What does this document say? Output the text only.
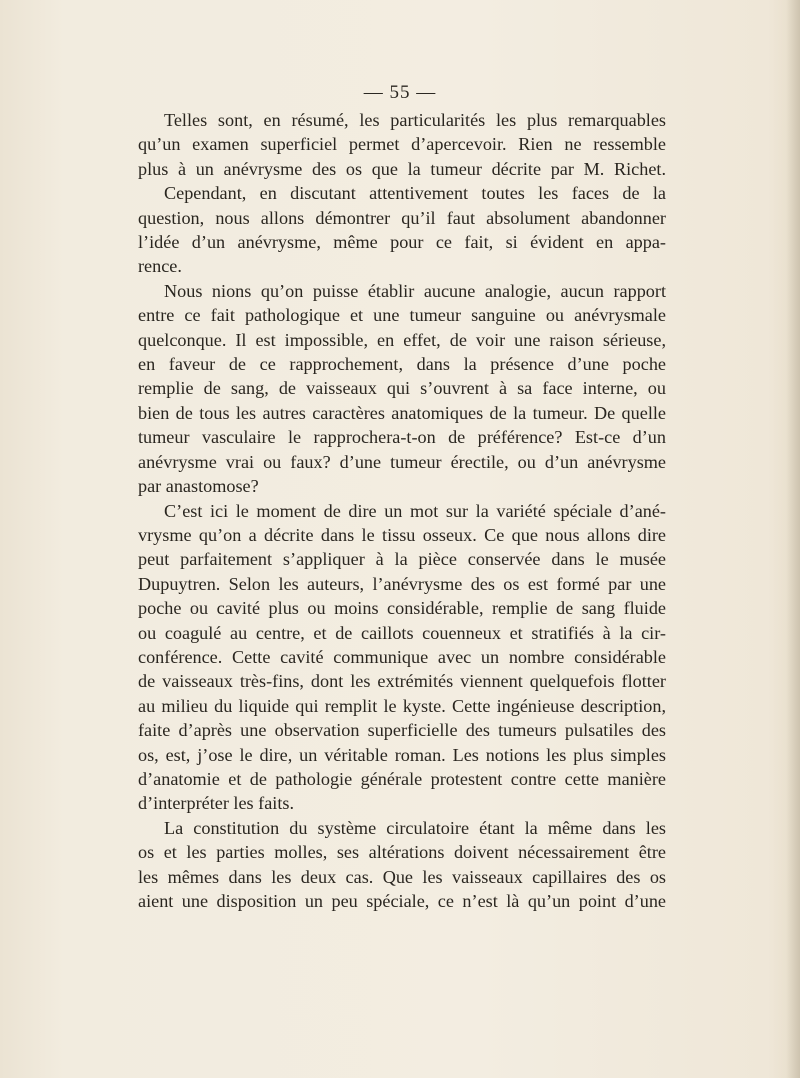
— 55 —
Telles sont, en résumé, les particularités les plus remarquables
qu’un examen superficiel permet d’apercevoir. Rien ne ressemble
plus à un anévrysme des os que la tumeur décrite par M. Richet.
Cependant, en discutant attentivement toutes les faces de la
question, nous allons démontrer qu’il faut absolument abandonner
l’idée d’un anévrysme, même pour ce fait, si évident en appa-
rence.
Nous nions qu’on puisse établir aucune analogie, aucun rapport
entre ce fait pathologique et une tumeur sanguine ou anévrysmale
quelconque. Il est impossible, en effet, de voir une raison sérieuse,
en faveur de ce rapprochement, dans la présence d’une poche
remplie de sang, de vaisseaux qui s’ouvrent à sa face interne, ou
bien de tous les autres caractères anatomiques de la tumeur. De quelle
tumeur vasculaire le rapprochera-t-on de préférence? Est-ce d’un
anévrysme vrai ou faux? d’une tumeur érectile, ou d’un anévrysme
par anastomose?
C’est ici le moment de dire un mot sur la variété spéciale d’ané-
vrysme qu’on a décrite dans le tissu osseux. Ce que nous allons dire
peut parfaitement s’appliquer à la pièce conservée dans le musée
Dupuytren. Selon les auteurs, l’anévrysme des os est formé par une
poche ou cavité plus ou moins considérable, remplie de sang fluide
ou coagulé au centre, et de caillots couenneux et stratifiés à la cir-
conférence. Cette cavité communique avec un nombre considérable
de vaisseaux très-fins, dont les extrémités viennent quelquefois flotter
au milieu du liquide qui remplit le kyste. Cette ingénieuse description,
faite d’après une observation superficielle des tumeurs pulsatiles des
os, est, j’ose le dire, un véritable roman. Les notions les plus simples
d’anatomie et de pathologie générale protestent contre cette manière
d’interpréter les faits.
La constitution du système circulatoire étant la même dans les
os et les parties molles, ses altérations doivent nécessairement être
les mêmes dans les deux cas. Que les vaisseaux capillaires des os
aient une disposition un peu spéciale, ce n’est là qu’un point d’une
